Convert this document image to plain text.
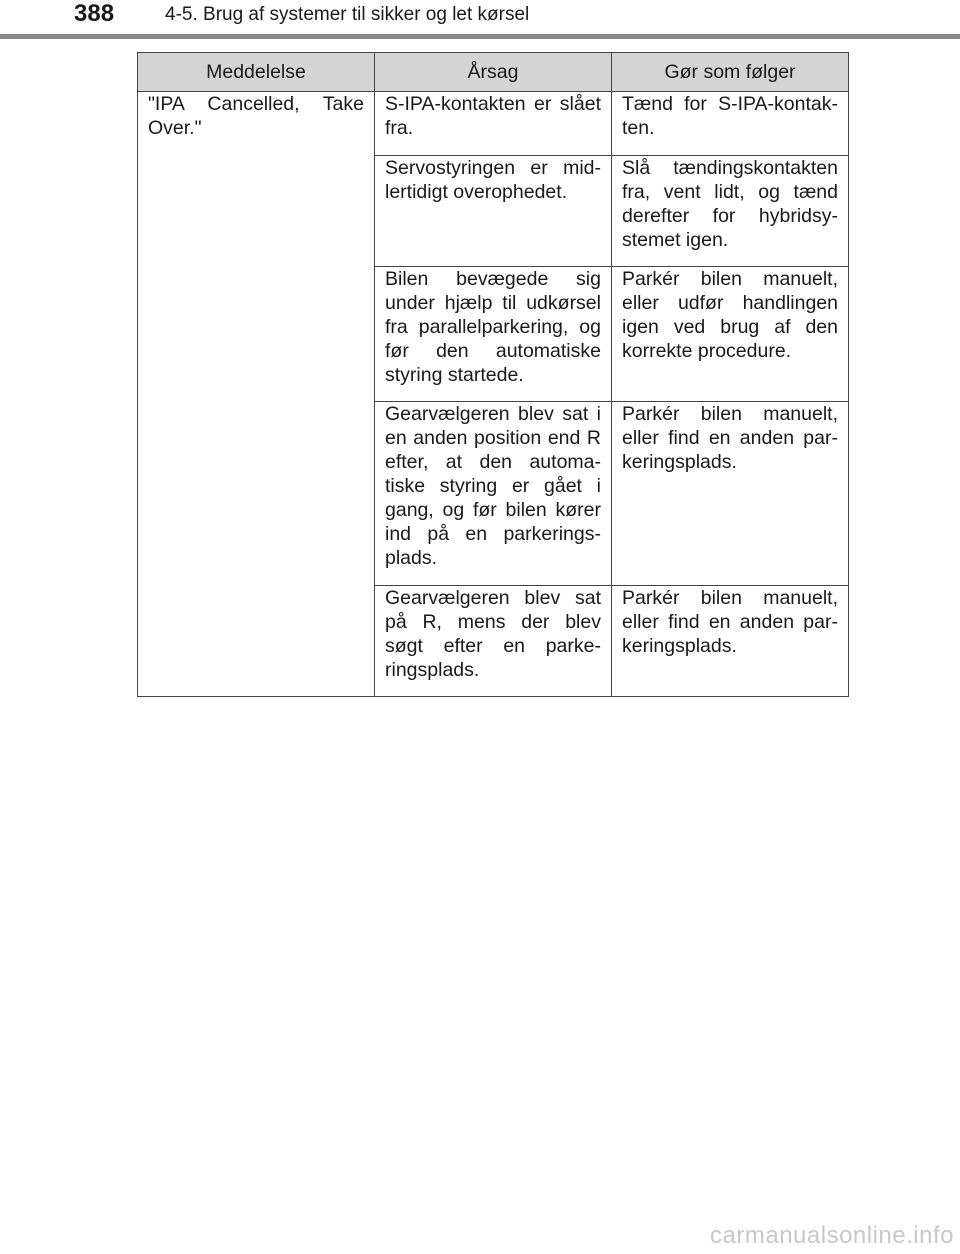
388	4-5. Brug af systemer til sikker og let kørsel
Meddelelse	Årsag	Gør som følger
"IPA Cancelled, Take Over."	S-IPA-kontakten er slået fra.	Tænd for S-IPA-kontak-ten.
	Servostyringen er mid-lertidigt overophedet.	Slå tændingskontakten fra, vent lidt, og tænd derefter for hybridsy-stemet igen.
	Bilen bevægede sig under hjælp til udkørsel fra parallelparkering, og før den automatiske styring startede.	Parkér bilen manuelt, eller udfør handlingen igen ved brug af den korrekte procedure.
	Gearvælgeren blev sat i en anden position end R efter, at den automa-tiske styring er gået i gang, og før bilen kører ind på en parkerings-plads.	Parkér bilen manuelt, eller find en anden par-keringsplads.
	Gearvælgeren blev sat på R, mens der blev søgt efter en parke-ringsplads.	Parkér bilen manuelt, eller find en anden par-keringsplads.
carmanualsonline.info
